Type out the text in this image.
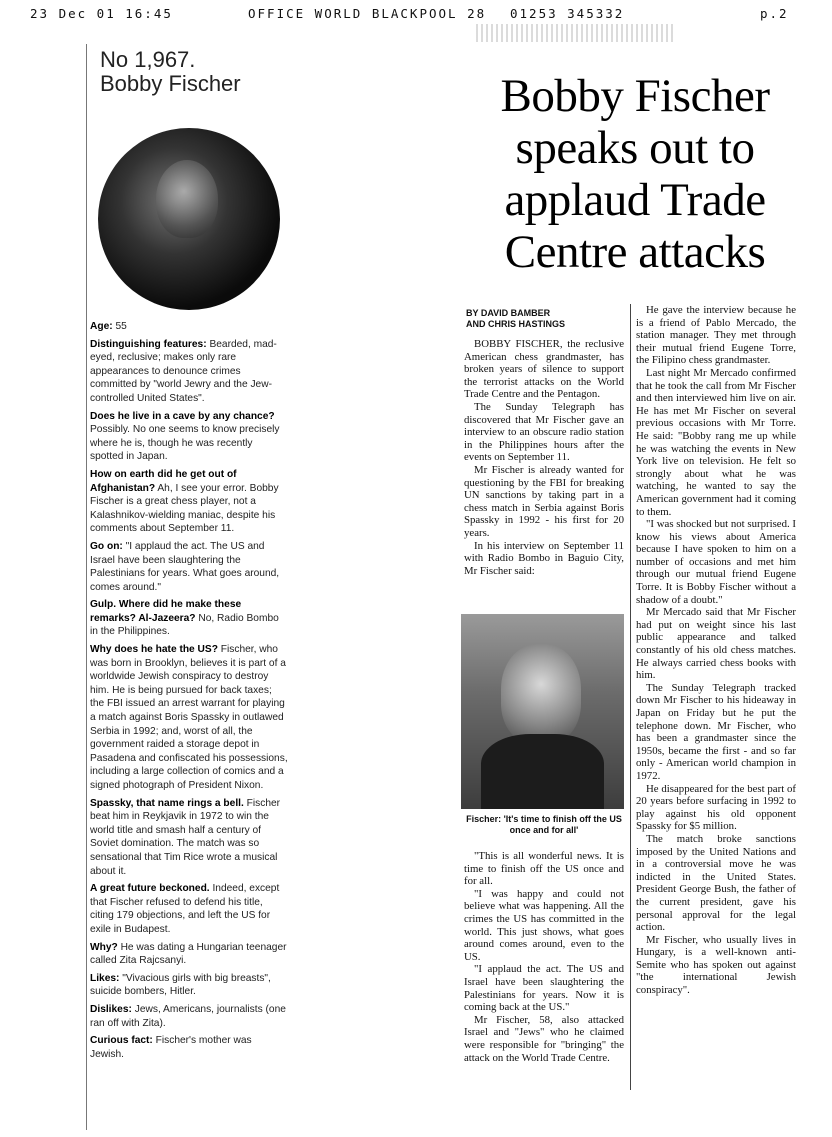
23 Dec 01 16:45

	OFFICE WORLD BLACKPOOL 28

01253 345332

	p.2

No 1,967.
Bobby Fischer

Age: 55

Distinguishing features: Bearded, mad-eyed, reclusive; makes only rare appearances to denounce crimes committed by "world Jewry and the Jew-controlled United States".

Does he live in a cave by any chance? Possibly. No one seems to know precisely where he is, though he was recently spotted in Japan.

How on earth did he get out of Afghanistan? Ah, I see your error. Bobby Fischer is a great chess player, not a Kalashnikov-wielding maniac, despite his comments about September 11.

Go on: "I applaud the act. The US and Israel have been slaughtering the Palestinians for years. What goes around, comes around."

Gulp. Where did he make these remarks? Al-Jazeera? No, Radio Bombo in the Philippines.

Why does he hate the US? Fischer, who was born in Brooklyn, believes it is part of a worldwide Jewish conspiracy to destroy him. He is being pursued for back taxes; the FBI issued an arrest warrant for playing a match against Boris Spassky in outlawed Serbia in 1992; and, worst of all, the government raided a storage depot in Pasadena and confiscated his possessions, including a large collection of comics and a signed photograph of President Nixon.

Spassky, that name rings a bell. Fischer beat him in Reykjavik in 1972 to win the world title and smash half a century of Soviet domination. The match was so sensational that Tim Rice wrote a musical about it.

A great future beckoned. Indeed, except that Fischer refused to defend his title, citing 179 objections, and left the US for exile in Budapest.

Why? He was dating a Hungarian teenager called Zita Rajcsanyi.

Likes: "Vivacious girls with big breasts", suicide bombers, Hitler.

Dislikes: Jews, Americans, journalists (one ran off with Zita).

Curious fact: Fischer's mother was Jewish.

Bobby Fischer speaks out to applaud Trade Centre attacks
BY DAVID BAMBER
AND CHRIS HASTINGS

BOBBY FISCHER, the reclusive American chess grandmaster, has broken years of silence to support the terrorist attacks on the World Trade Centre and the Pentagon.

The Sunday Telegraph has discovered that Mr Fischer gave an interview to an obscure radio station in the Philippines hours after the events on September 11.

Mr Fischer is already wanted for questioning by the FBI for breaking UN sanctions by taking part in a chess match in Serbia against Boris Spassky in 1992 - his first for 20 years.

In his interview on September 11 with Radio Bombo in Baguio City, Mr Fischer said:

Fischer: 'It's time to finish off the US once and for all'

"This is all wonderful news. It is time to finish off the US once and for all.

"I was happy and could not believe what was happening. All the crimes the US has committed in the world. This just shows, what goes around comes around, even to the US.

"I applaud the act. The US and Israel have been slaughtering the Palestinians for years. Now it is coming back at the US."

Mr Fischer, 58, also attacked Israel and "Jews" who he claimed were responsible for "bringing" the attack on the World Trade Centre.

He gave the interview because he is a friend of Pablo Mercado, the station manager. They met through their mutual friend Eugene Torre, the Filipino chess grandmaster.

Last night Mr Mercado confirmed that he took the call from Mr Fischer and then interviewed him live on air. He has met Mr Fischer on several previous occasions with Mr Torre. He said: "Bobby rang me up while he was watching the events in New York live on television. He felt so strongly about what he was watching, he wanted to say the American government had it coming to them.

"I was shocked but not surprised. I know his views about America because I have spoken to him on a number of occasions and met him through our mutual friend Eugene Torre. It is Bobby Fischer without a shadow of a doubt."

Mr Mercado said that Mr Fischer had put on weight since his last public appearance and talked constantly of his old chess matches. He always carried chess books with him.

The Sunday Telegraph tracked down Mr Fischer to his hideaway in Japan on Friday but he put the telephone down. Mr Fischer, who has been a grandmaster since the 1950s, became the first - and so far only - American world champion in 1972.

He disappeared for the best part of 20 years before surfacing in 1992 to play against his old opponent Spassky for $5 million.

The match broke sanctions imposed by the United Nations and in a controversial move he was indicted in the United States. President George Bush, the father of the current president, gave his personal approval for the legal action.

Mr Fischer, who usually lives in Hungary, is a well-known anti-Semite who has spoken out against "the international Jewish conspiracy".
